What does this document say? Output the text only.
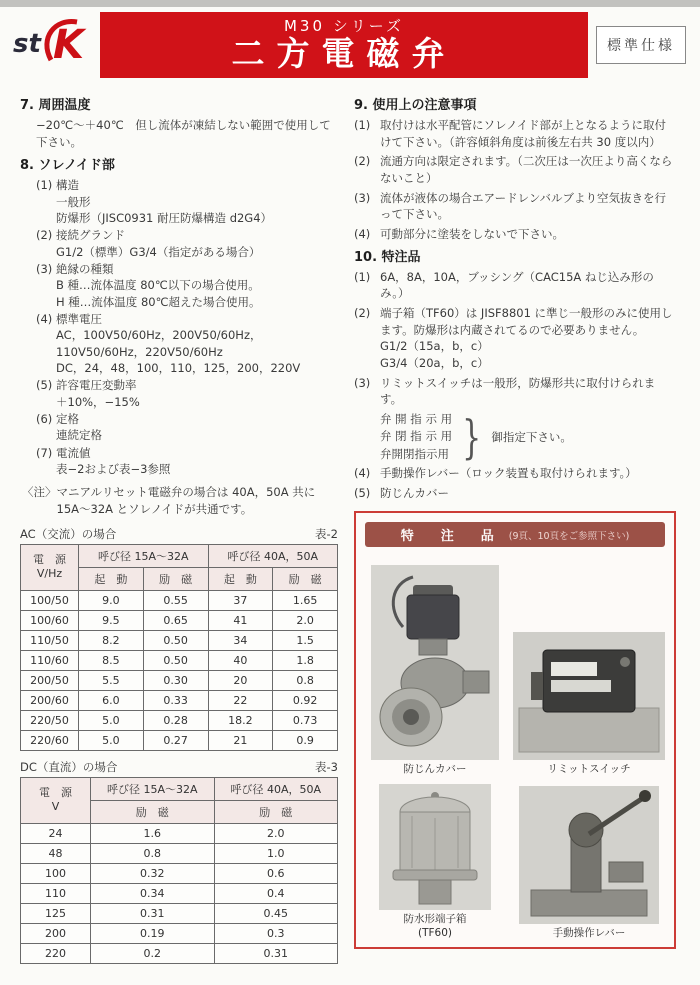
st K	M30 シリーズ
二方電磁弁	標準仕様
7. 周囲温度
−20℃〜＋40℃　但し流体が凍結しない範囲で使用して下さい。
8. ソレノイド部
(1) 構造
一般形
防爆形（JISC0931 耐圧防爆構造 d2G4）
(2) 接続グランド
G1/2（標準）G3/4（指定がある場合）
(3) 絶縁の種類
B 種…流体温度 80℃以下の場合使用。
H 種…流体温度 80℃超えた場合使用。
(4) 標準電圧
AC，100V50/60Hz，200V50/60Hz，110V50/60Hz，220V50/60Hz
DC，24，48，100，110，125，200，220V
(5) 許容電圧変動率
＋10%，−15%
(6) 定格
連続定格
(7) 電流値
表−2および表−3参照
〈注〉 マニアルリセット電磁弁の場合は 40A，50A 共に 15A〜32A とソレノイドが共通です。
AC（交流）の場合	表-2
電　源
V/Hz	呼び径 15A〜32A		呼び径 40A，50A	
	起　動	励　磁	起　動	励　磁
100/50	9.0	0.55	37	1.65
100/60	9.5	0.65	41	2.0
110/50	8.2	0.50	34	1.5
110/60	8.5	0.50	40	1.8
200/50	5.5	0.30	20	0.8
200/60	6.0	0.33	22	0.92
220/50	5.0	0.28	18.2	0.73
220/60	5.0	0.27	21	0.9
DC（直流）の場合	表-3
電　源
V	呼び径 15A〜32A	呼び径 40A，50A
	励　磁	励　磁
24	1.6	2.0
48	0.8	1.0
100	0.32	0.6
110	0.34	0.4
125	0.31	0.45
200	0.19	0.3
220	0.2	0.31
9. 使用上の注意事項
(1) 取付けは水平配管にソレノイド部が上となるように取付けて下さい。（許容傾斜角度は前後左右共 30 度以内）
(2) 流通方向は限定されます。（二次圧は一次圧より高くならないこと）
(3) 流体が液体の場合エアードレンバルブより空気抜きを行って下さい。
(4) 可動部分に塗装をしないで下さい。
10. 特注品
(1) 6A，8A，10A，ブッシング（CAC15A ねじ込み形のみ。）
(2) 端子箱（TF60）は JISF8801 に準じ一般形のみに使用します。防爆形は内蔵されてるので必要ありません。
G1/2（15a，b，c）
G3/4（20a，b，c）
(3) リミットスイッチは一般形，防爆形共に取付けられます。
弁 開 指 示 用
弁 閉 指 示 用
弁開閉指示用 } 御指定下さい。
(4) 手動操作レバー（ロック装置も取付けられます。）
(5) 防じんカバー
特　注　品 (9頁、10頁をご参照下さい)
防じんカバー	リミットスイッチ
防水形端子箱
(TF60)	手動操作レバー
